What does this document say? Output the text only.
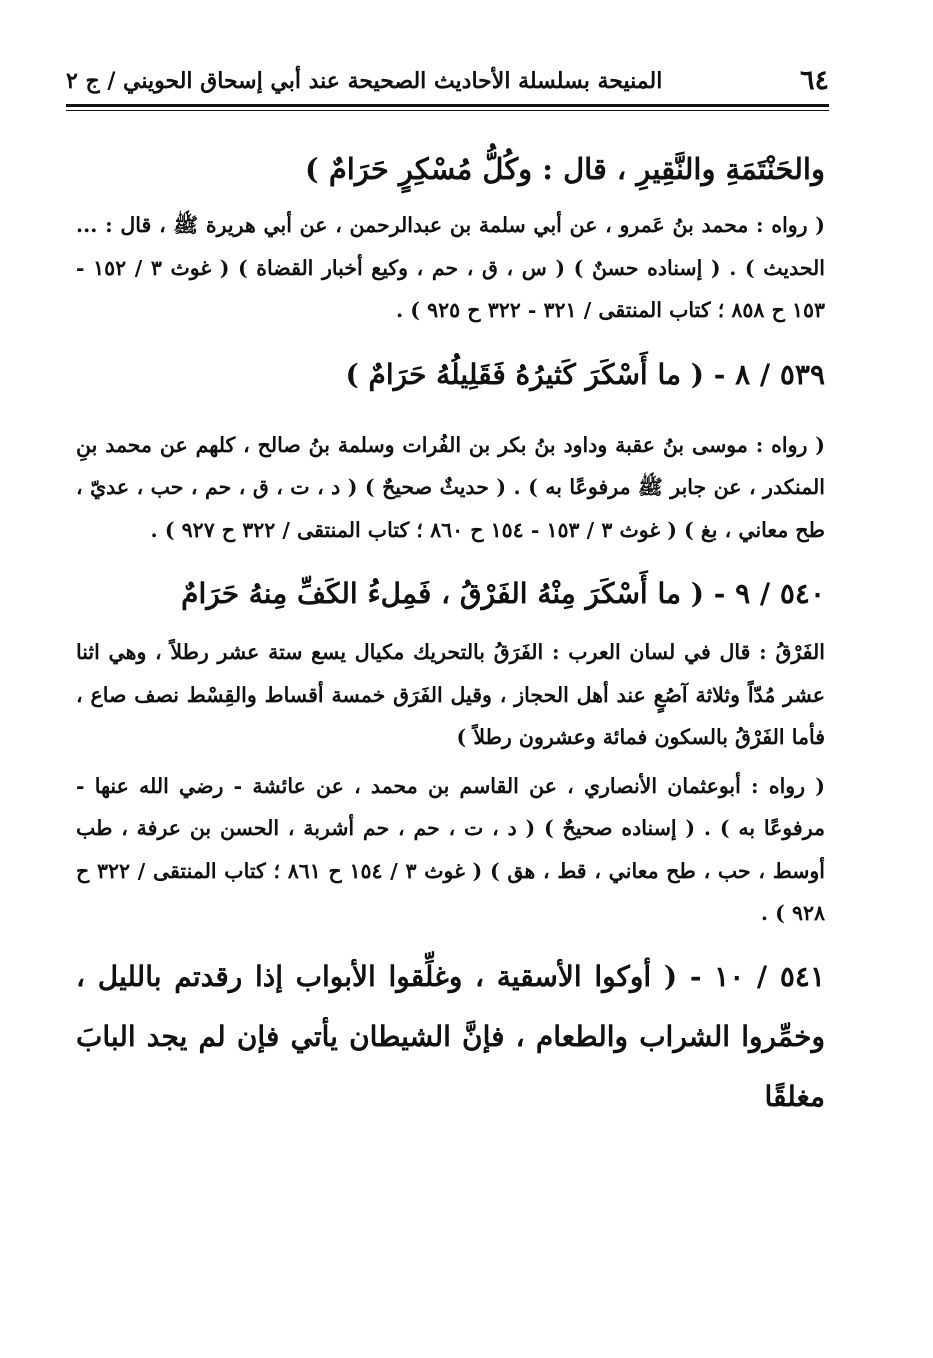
٦٤
المنيحة بسلسلة الأحاديث الصحيحة عند أبي إسحاق الحويني / ج ٢

والحَنْتَمَةِ والنَّقِيرِ ، قال : وكُلُّ مُسْكِرٍ حَرَامٌ )

( رواه : محمد بنُ عَمرو ، عن أبي سلمة بن عبدالرحمن ، عن أبي هريرة ﷺ ، قال : ... الحديث ) . ( إسناده حسنٌ ) ( س ، ق ، حم ، وكيع أخبار القضاة ) ( غوث ٣ / ١٥٢ - ١٥٣ ح ٨٥٨ ؛ كتاب المنتقى / ٣٢١ - ٣٢٢ ح ٩٢٥ ) .

٥٣٩ / ٨ - ( ما أَسْكَرَ كَثيرُهُ فَقَلِيلُهُ حَرَامٌ )

( رواه : موسى بنُ عقبة وداود بنُ بكر بن الفُرات وسلمة بنُ صالح ، كلهم عن محمد بنِ المنكدر ، عن جابر ﷺ مرفوعًا به ) . ( حديثٌ صحيحٌ ) ( د ، ت ، ق ، حم ، حب ، عديّ ، طح معاني ، بغ ) ( غوث ٣ / ١٥٣ - ١٥٤ ح ٨٦٠ ؛ كتاب المنتقى / ٣٢٢ ح ٩٢٧ ) .

٥٤٠ / ٩ - ( ما أَسْكَرَ مِنْهُ الفَرْقُ ، فَمِلءُ الكَفِّ مِنهُ حَرَامٌ

الفَرْقُ : قال في لسان العرب : الفَرَقُ بالتحريك مكيال يسع ستة عشر رطلاً ، وهي اثنا عشر مُدّاً وثلاثة آصُعٍ عند أهل الحجاز ، وقيل الفَرَق خمسة أقساط والقِسْط نصف صاع ، فأما الفَرْقُ بالسكون فمائة وعشرون رطلاً )

( رواه : أبوعثمان الأنصاري ، عن القاسم بن محمد ، عن عائشة - رضي الله عنها - مرفوعًا به ) . ( إسناده صحيحٌ ) ( د ، ت ، حم ، حم أشربة ، الحسن بن عرفة ، طب أوسط ، حب ، طح معاني ، قط ، هق ) ( غوث ٣ / ١٥٤ ح ٨٦١ ؛ كتاب المنتقى / ٣٢٢ ح ٩٢٨ ) .

٥٤١ / ١٠ - ( أوكوا الأسقية ، وغلِّقوا الأبواب إذا رقدتم بالليل ، وخمِّروا الشراب والطعام ، فإنَّ الشيطان يأتي فإن لم يجد البابَ مغلقًا
